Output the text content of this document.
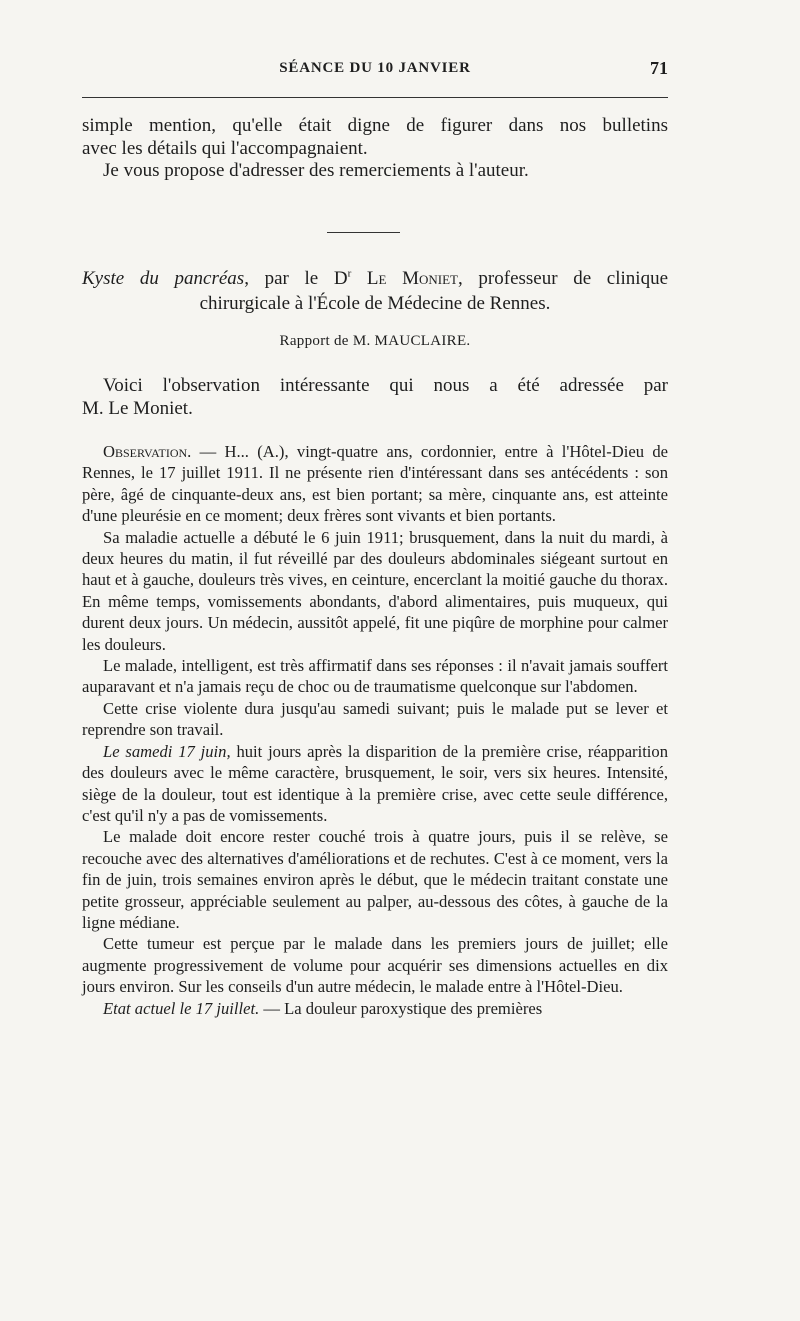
SÉANCE DU 10 JANVIER	71

simple mention, qu'elle était digne de figurer dans nos bulletins

avec les détails qui l'accompagnaient.

Je vous propose d'adresser des remerciements à l'auteur.

Kyste du pancréas, par le $D^r$ Le Moniet, professeur de clinique

chirurgicale à l'École de Médecine de Rennes.

Rapport de M. MAUCLAIRE.

Voici l'observation intéressante qui nous a été adressée par

M. Le Moniet.

Observation. — H... (A.), vingt-quatre ans, cordonnier, entre à l'Hôtel-Dieu de Rennes, le 17 juillet 1911. Il ne présente rien d'intéressant dans ses antécédents : son père, âgé de cinquante-deux ans, est bien portant; sa mère, cinquante ans, est atteinte d'une pleurésie en ce moment; deux frères sont vivants et bien portants.

Sa maladie actuelle a débuté le 6 juin 1911; brusquement, dans la nuit du mardi, à deux heures du matin, il fut réveillé par des douleurs abdominales siégeant surtout en haut et à gauche, douleurs très vives, en ceinture, encerclant la moitié gauche du thorax. En même temps, vomissements abondants, d'abord alimentaires, puis muqueux, qui durent deux jours. Un médecin, aussitôt appelé, fit une piqûre de morphine pour calmer les douleurs.

Le malade, intelligent, est très affirmatif dans ses réponses : il n'avait jamais souffert auparavant et n'a jamais reçu de choc ou de traumatisme quelconque sur l'abdomen.

Cette crise violente dura jusqu'au samedi suivant; puis le malade put se lever et reprendre son travail.

Le samedi 17 juin, huit jours après la disparition de la première crise, réapparition des douleurs avec le même caractère, brusquement, le soir, vers six heures. Intensité, siège de la douleur, tout est identique à la première crise, avec cette seule différence, c'est qu'il n'y a pas de vomissements.

Le malade doit encore rester couché trois à quatre jours, puis il se relève, se recouche avec des alternatives d'améliorations et de rechutes. C'est à ce moment, vers la fin de juin, trois semaines environ après le début, que le médecin traitant constate une petite grosseur, appréciable seulement au palper, au-dessous des côtes, à gauche de la ligne médiane.

Cette tumeur est perçue par le malade dans les premiers jours de juillet; elle augmente progressivement de volume pour acquérir ses dimensions actuelles en dix jours environ. Sur les conseils d'un autre médecin, le malade entre à l'Hôtel-Dieu.

Etat actuel le 17 juillet. — La douleur paroxystique des premières
